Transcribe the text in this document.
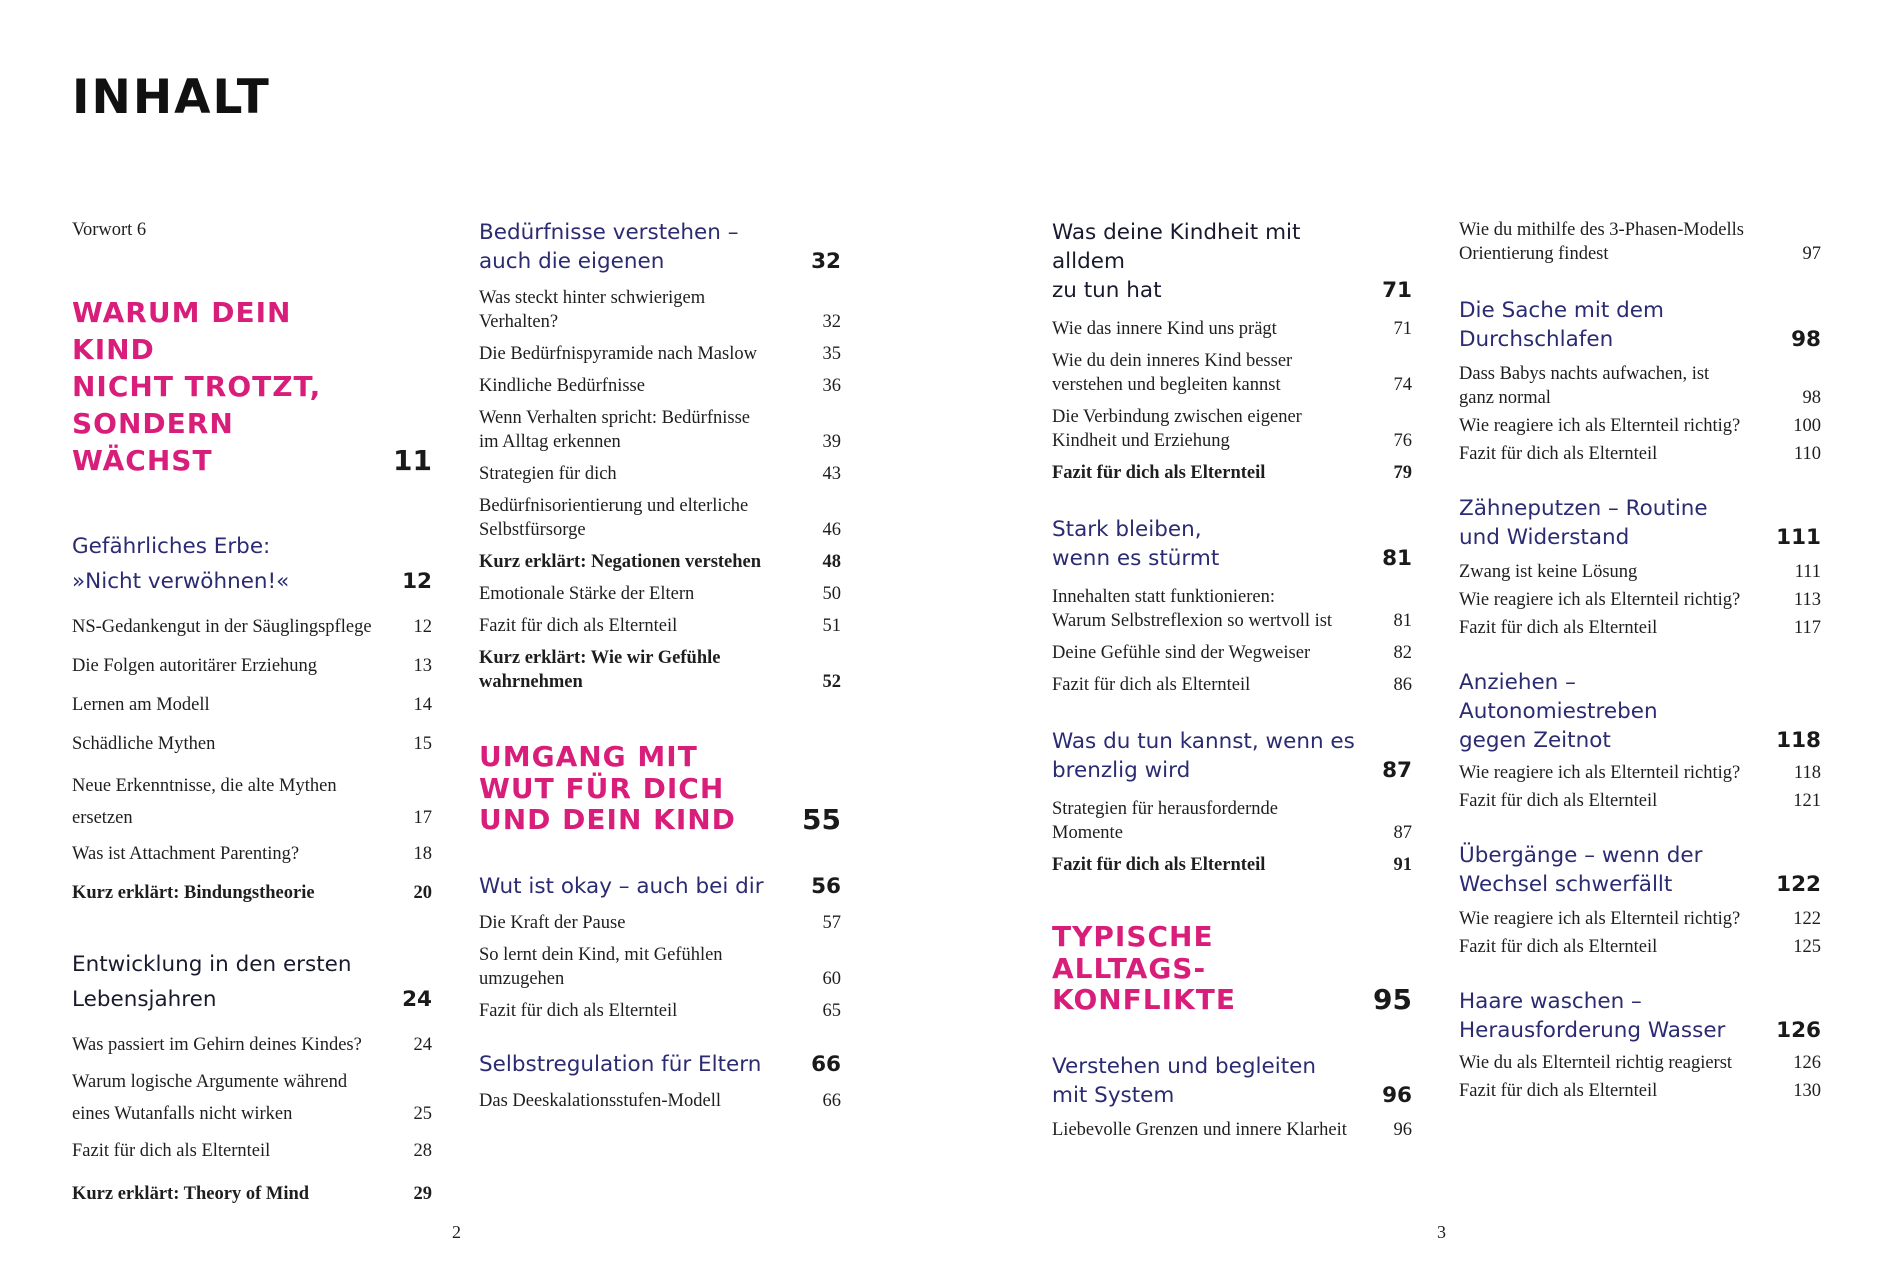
INHALT
Vorwort 6
WARUM DEIN KIND
NICHT TROTZT,
SONDERN WÄCHST	11
Gefährliches Erbe:
»Nicht verwöhnen!«	12
NS-Gedankengut in der Säuglingspflege	12
Die Folgen autoritärer Erziehung	13
Lernen am Modell	14
Schädliche Mythen	15
Neue Erkenntnisse, die alte Mythen
ersetzen	17
Was ist Attachment Parenting?	18
Kurz erklärt: Bindungstheorie	20
Entwicklung in den ersten
Lebensjahren	24
Was passiert im Gehirn deines Kindes?	24
Warum logische Argumente während
eines Wutanfalls nicht wirken	25
Fazit für dich als Elternteil	28
Kurz erklärt: Theory of Mind	29
Bedürfnisse verstehen –
auch die eigenen	32
Was steckt hinter schwierigem
Verhalten?	32
Die Bedürfnispyramide nach Maslow	35
Kindliche Bedürfnisse	36
Wenn Verhalten spricht: Bedürfnisse
im Alltag erkennen	39
Strategien für dich	43
Bedürfnisorientierung und elterliche
Selbstfürsorge	46
Kurz erklärt: Negationen verstehen	48
Emotionale Stärke der Eltern	50
Fazit für dich als Elternteil	51
Kurz erklärt: Wie wir Gefühle
wahrnehmen	52
UMGANG MIT
WUT FÜR DICH
UND DEIN KIND	55
Wut ist okay – auch bei dir	56
Die Kraft der Pause	57
So lernt dein Kind, mit Gefühlen
umzugehen	60
Fazit für dich als Elternteil	65
Selbstregulation für Eltern	66
Das Deeskalationsstufen-Modell	66
Was deine Kindheit mit alldem
zu tun hat	71
Wie das innere Kind uns prägt	71
Wie du dein inneres Kind besser
verstehen und begleiten kannst	74
Die Verbindung zwischen eigener
Kindheit und Erziehung	76
Fazit für dich als Elternteil	79
Stark bleiben,
wenn es stürmt	81
Innehalten statt funktionieren:
Warum Selbstreflexion so wertvoll ist	81
Deine Gefühle sind der Wegweiser	82
Fazit für dich als Elternteil	86
Was du tun kannst, wenn es
brenzlig wird	87
Strategien für herausfordernde
Momente	87
Fazit für dich als Elternteil	91
TYPISCHE ALLTAGS-
KONFLIKTE	95
Verstehen und begleiten
mit System	96
Liebevolle Grenzen und innere Klarheit	96
Wie du mithilfe des 3-Phasen-Modells
Orientierung findest	97
Die Sache mit dem
Durchschlafen	98
Dass Babys nachts aufwachen, ist
ganz normal	98
Wie reagiere ich als Elternteil richtig?	100
Fazit für dich als Elternteil	110
Zähneputzen – Routine
und Widerstand	111
Zwang ist keine Lösung	111
Wie reagiere ich als Elternteil richtig?	113
Fazit für dich als Elternteil	117
Anziehen – Autonomiestreben
gegen Zeitnot	118
Wie reagiere ich als Elternteil richtig?	118
Fazit für dich als Elternteil	121
Übergänge – wenn der
Wechsel schwerfällt	122
Wie reagiere ich als Elternteil richtig?	122
Fazit für dich als Elternteil	125
Haare waschen –
Herausforderung Wasser	126
Wie du als Elternteil richtig reagierst	126
Fazit für dich als Elternteil	130
2	3
